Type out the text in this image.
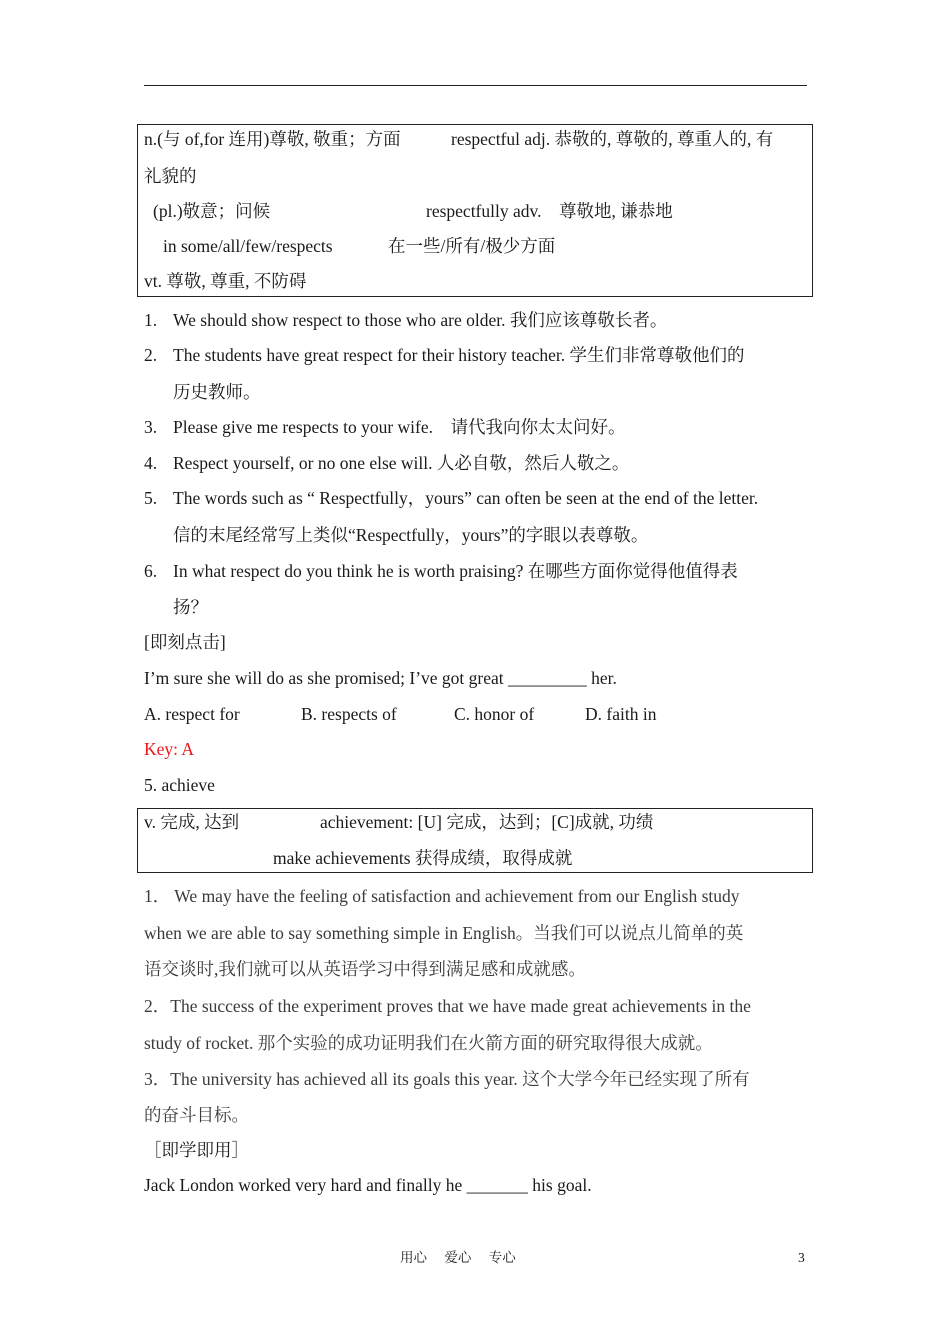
n.(与 of,for 连用)尊敬, 敬重；方面	respectful adj. 恭敬的, 尊敬的, 尊重人的, 有
礼貌的
(pl.)敬意；问候	respectfully adv.　尊敬地, 谦恭地
in some/all/few/respects	在一些/所有/极少方面
vt. 尊敬, 尊重, 不防碍
1. We should show respect to those who are older. 我们应该尊敬长者。
2. The students have great respect for their history teacher. 学生们非常尊敬他们的
历史教师。
3. Please give me respects to your wife.　请代我向你太太问好。
4. Respect yourself, or no one else will. 人必自敬，然后人敬之。
5. The words such as “ Respectfully，yours” can often be seen at the end of the letter.
信的末尾经常写上类似“Respectfully，yours”的字眼以表尊敬。
6. In what respect do you think he is worth praising? 在哪些方面你觉得他值得表
扬？
[即刻点击]
I’m sure she will do as she promised; I’ve got great _________ her.
A. respect for	B. respects of	C. honor of	D. faith in
Key: A
5. achieve
v. 完成, 达到	achievement: [U] 完成，达到；[C]成就, 功绩
make achievements 获得成绩，取得成就
1． We may have the feeling of satisfaction and achievement from our English study
when we are able to say something simple in English。当我们可以说点儿简单的英
语交谈时,我们就可以从英语学习中得到满足感和成就感。
2．The success of the experiment proves that we have made great achievements in the
study of rocket. 那个实验的成功证明我们在火箭方面的研究取得很大成就。
3．The university has achieved all its goals this year. 这个大学今年已经实现了所有
的奋斗目标。
［即学即用］
Jack London worked very hard and finally he _______ his goal.
用心 爱心 专心	3
